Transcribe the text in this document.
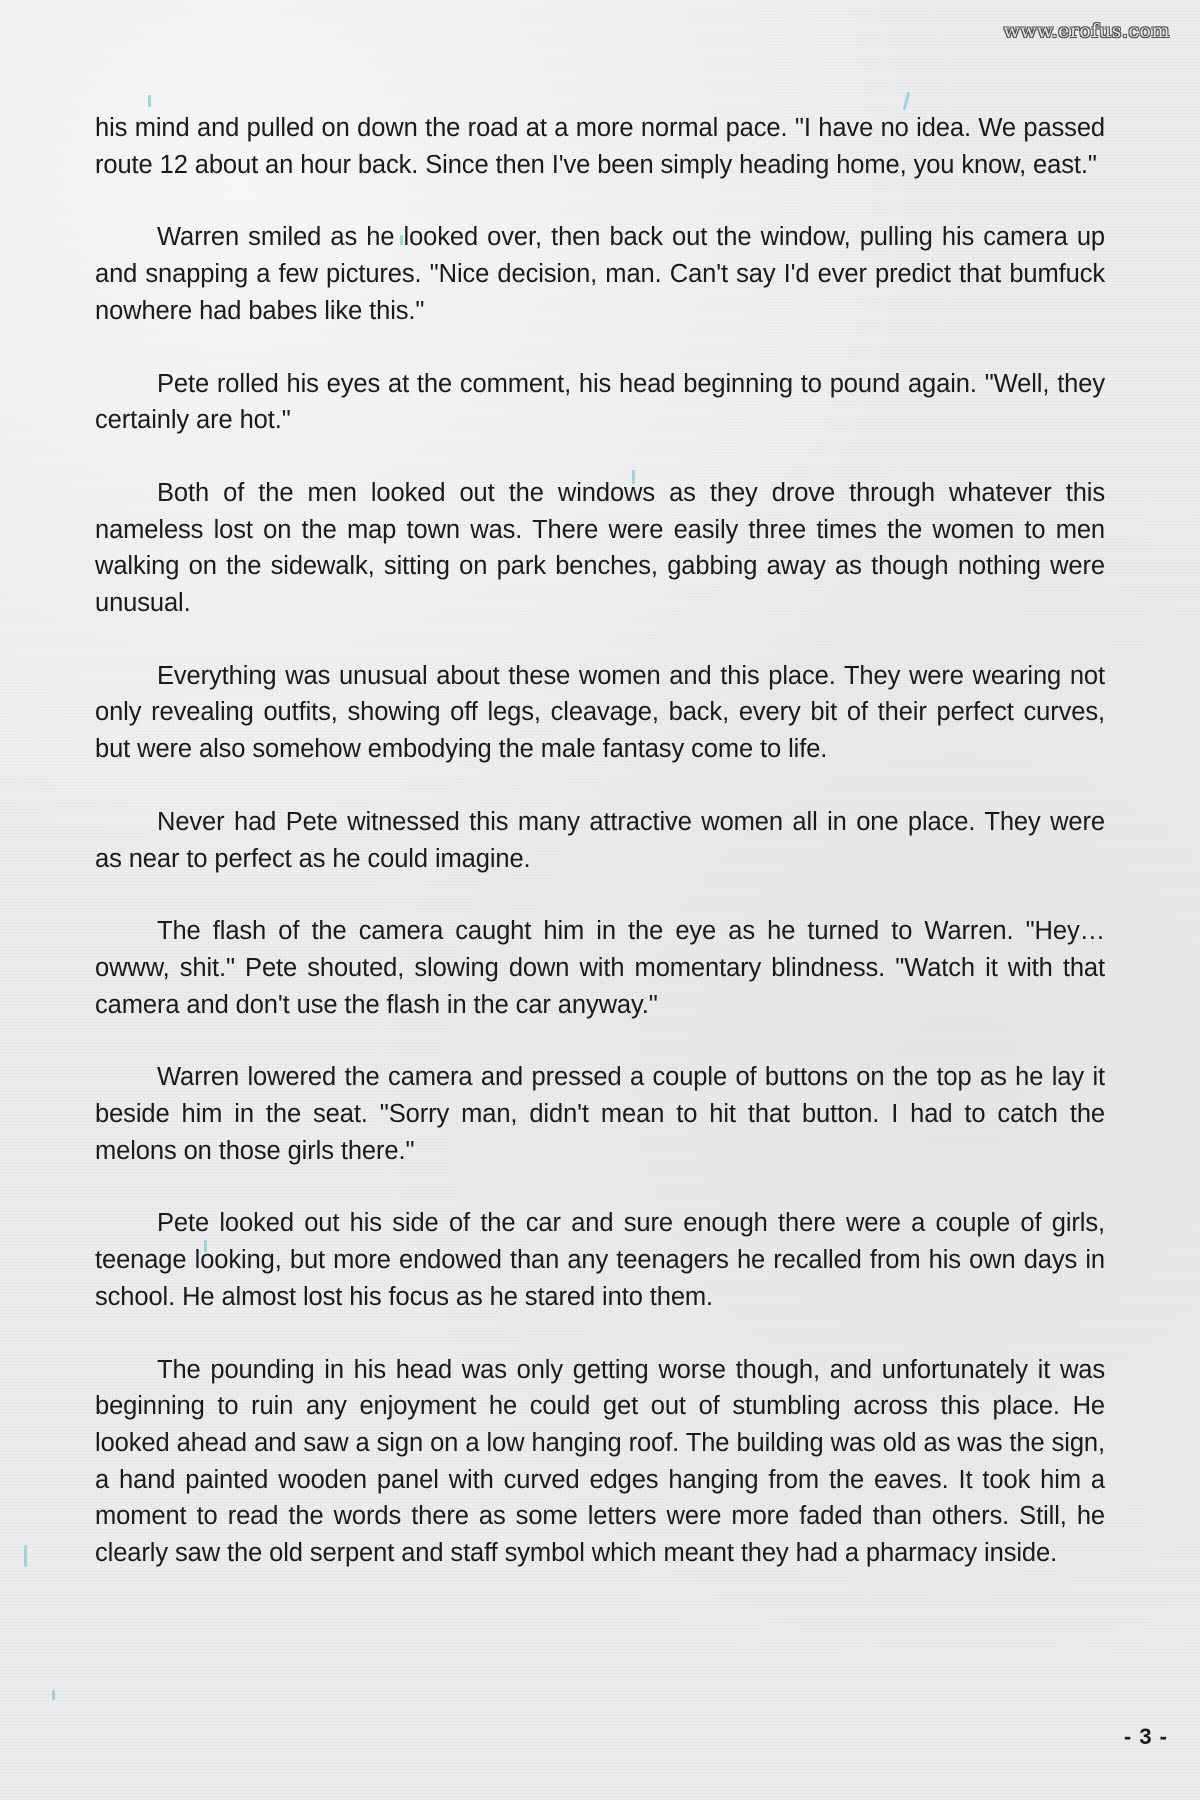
www.erofus.com

his mind and pulled on down the road at a more normal pace. "I have no idea. We passed route 12 about an hour back. Since then I've been simply heading home, you know, east."

Warren smiled as he looked over, then back out the window, pulling his camera up and snapping a few pictures. "Nice decision, man. Can't say I'd ever predict that bumfuck nowhere had babes like this."

Pete rolled his eyes at the comment, his head beginning to pound again. "Well, they certainly are hot."

Both of the men looked out the windows as they drove through whatever this nameless lost on the map town was. There were easily three times the women to men walking on the sidewalk, sitting on park benches, gabbing away as though nothing were unusual.

Everything was unusual about these women and this place. They were wearing not only revealing outfits, showing off legs, cleavage, back, every bit of their perfect curves, but were also somehow embodying the male fantasy come to life.

Never had Pete witnessed this many attractive women all in one place. They were as near to perfect as he could imagine.

The flash of the camera caught him in the eye as he turned to Warren. "Hey… owww, shit." Pete shouted, slowing down with momentary blindness. "Watch it with that camera and don't use the flash in the car anyway."

Warren lowered the camera and pressed a couple of buttons on the top as he lay it beside him in the seat. "Sorry man, didn't mean to hit that button. I had to catch the melons on those girls there."

Pete looked out his side of the car and sure enough there were a couple of girls, teenage looking, but more endowed than any teenagers he recalled from his own days in school. He almost lost his focus as he stared into them.

The pounding in his head was only getting worse though, and unfortunately it was beginning to ruin any enjoyment he could get out of stumbling across this place. He looked ahead and saw a sign on a low hanging roof. The building was old as was the sign, a hand painted wooden panel with curved edges hanging from the eaves. It took him a moment to read the words there as some letters were more faded than others. Still, he clearly saw the old serpent and staff symbol which meant they had a pharmacy inside.

- 3 -
